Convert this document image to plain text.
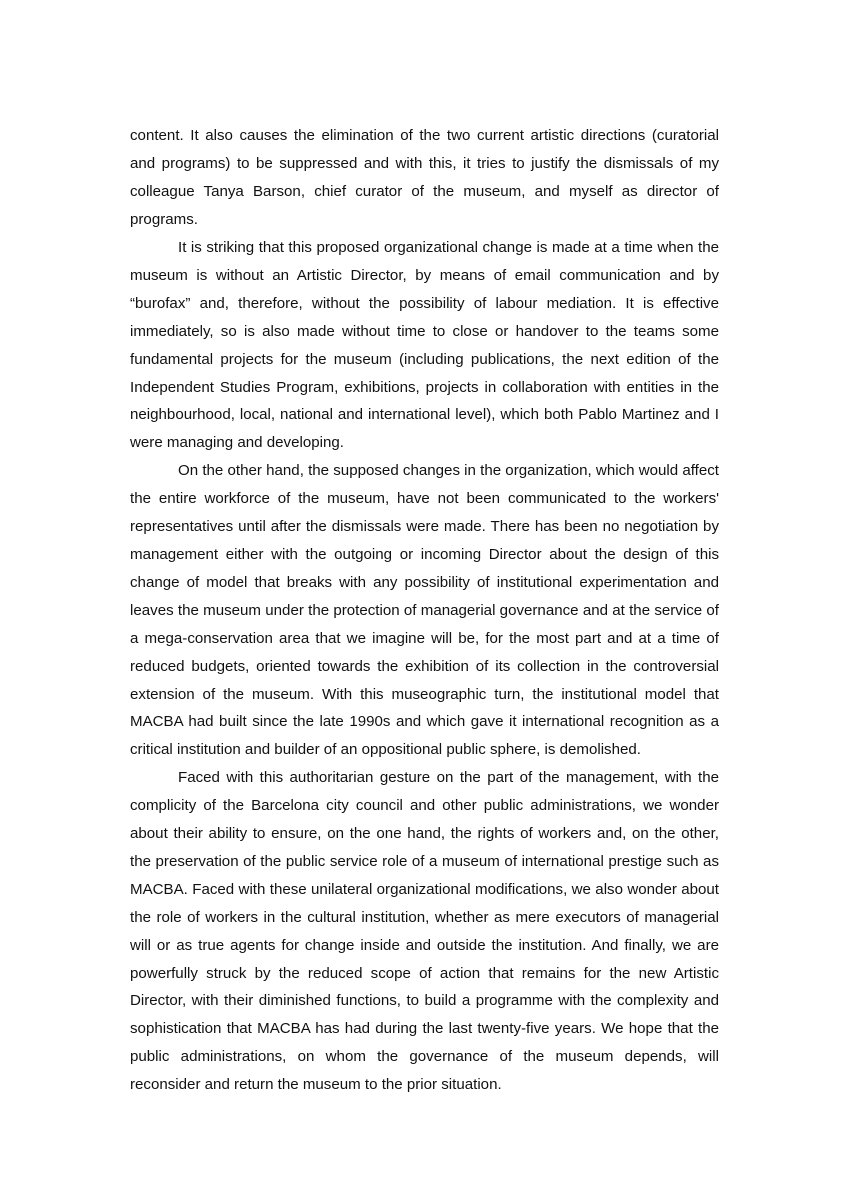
content. It also causes the elimination of the two current artistic directions (curatorial and programs) to be suppressed and with this, it tries to justify the dismissals of my colleague Tanya Barson, chief curator of the museum, and myself as director of programs.

It is striking that this proposed organizational change is made at a time when the museum is without an Artistic Director, by means of email communication and by “burofax” and, therefore, without the possibility of labour mediation. It is effective immediately, so is also made without time to close or handover to the teams some fundamental projects for the museum (including publications, the next edition of the Independent Studies Program, exhibitions, projects in collaboration with entities in the neighbourhood, local, national and international level), which both Pablo Martinez and I were managing and developing.

On the other hand, the supposed changes in the organization, which would affect the entire workforce of the museum, have not been communicated to the workers' representatives until after the dismissals were made. There has been no negotiation by management either with the outgoing or incoming Director about the design of this change of model that breaks with any possibility of institutional experimentation and leaves the museum under the protection of managerial governance and at the service of a mega-conservation area that we imagine will be, for the most part and at a time of reduced budgets, oriented towards the exhibition of its collection in the controversial extension of the museum. With this museographic turn, the institutional model that MACBA had built since the late 1990s and which gave it international recognition as a critical institution and builder of an oppositional public sphere, is demolished.

Faced with this authoritarian gesture on the part of the management, with the complicity of the Barcelona city council and other public administrations, we wonder about their ability to ensure, on the one hand, the rights of workers and, on the other, the preservation of the public service role of a museum of international prestige such as MACBA. Faced with these unilateral organizational modifications, we also wonder about the role of workers in the cultural institution, whether as mere executors of managerial will or as true agents for change inside and outside the institution. And finally, we are powerfully struck by the reduced scope of action that remains for the new Artistic Director, with their diminished functions, to build a programme with the complexity and sophistication that MACBA has had during the last twenty-five years. We hope that the public administrations, on whom the governance of the museum depends, will reconsider and return the museum to the prior situation.
